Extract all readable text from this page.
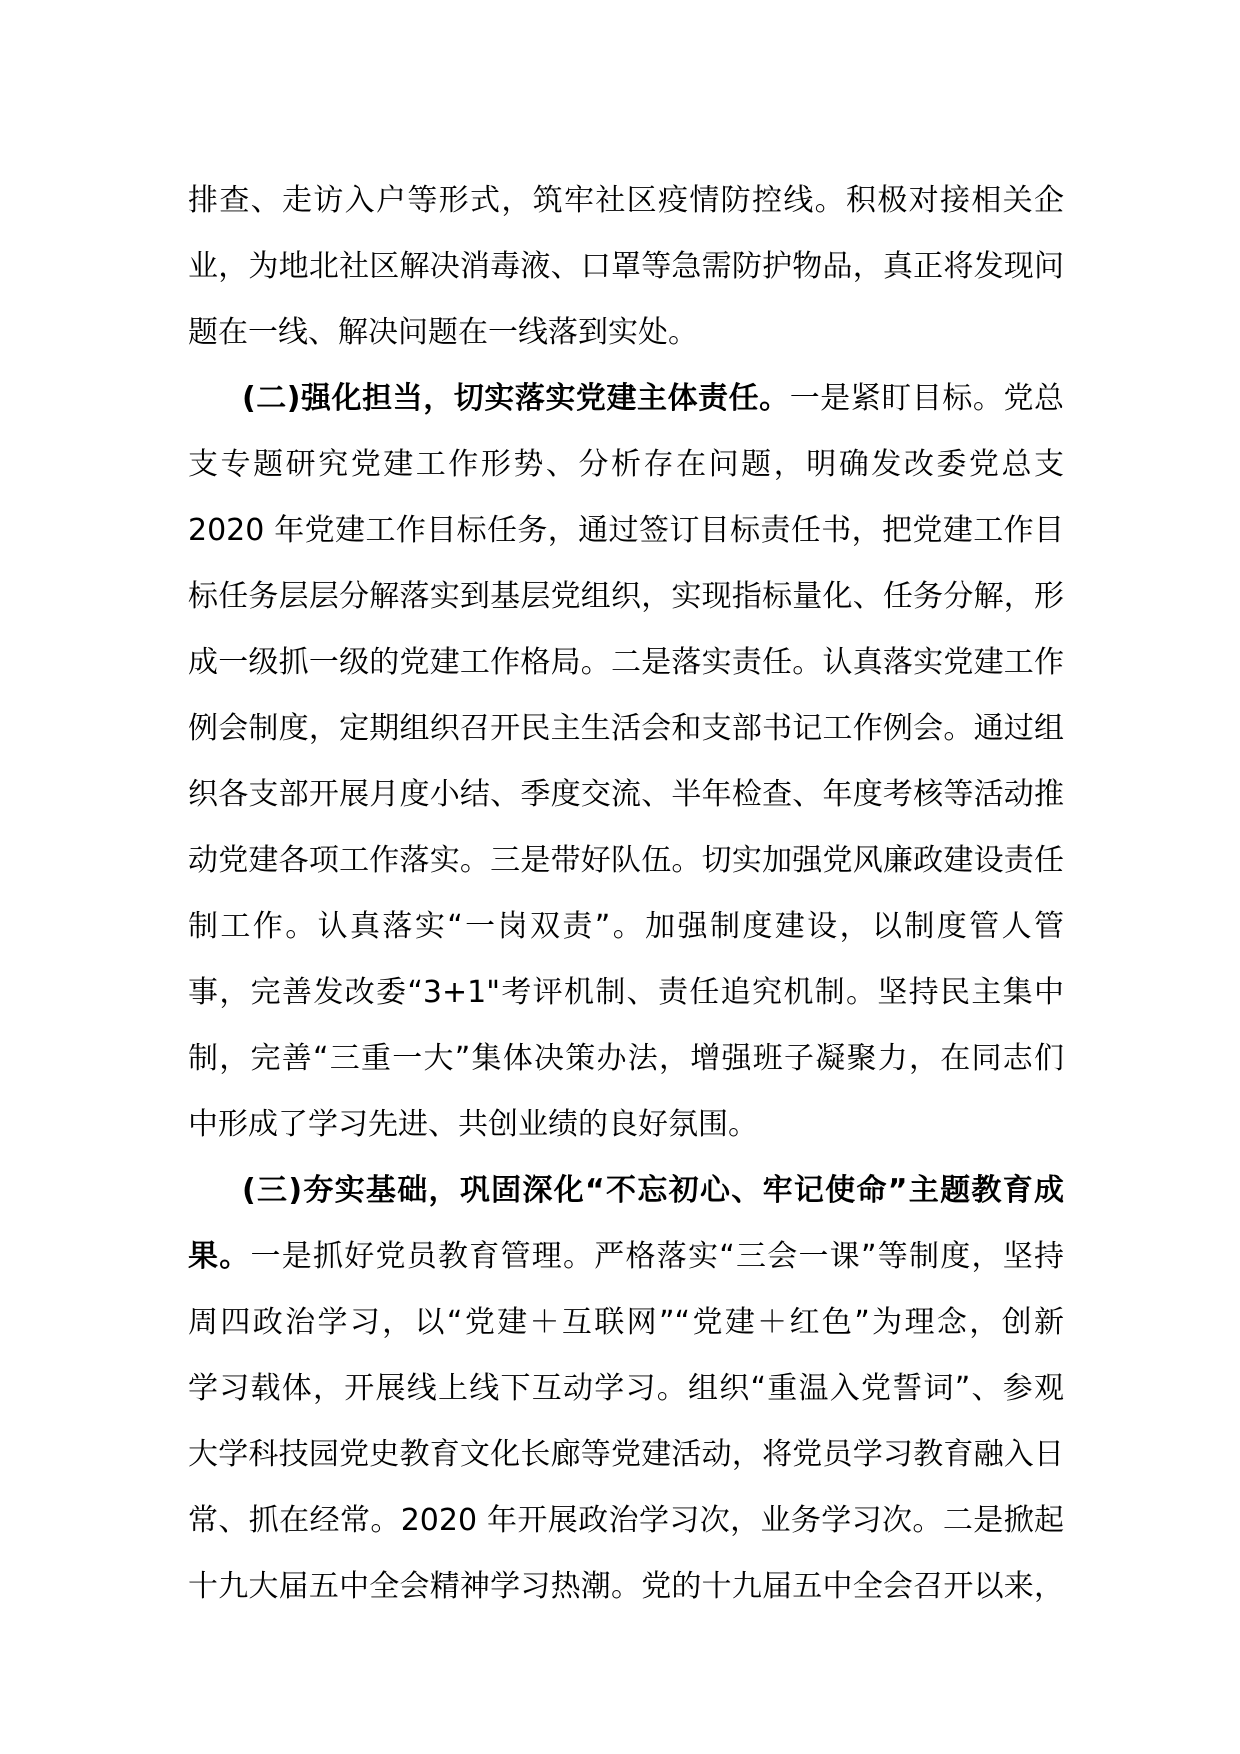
排查、走访入户等形式，筑牢社区疫情防控线。积极对接相关企
业，为地北社区解决消毒液、口罩等急需防护物品，真正将发现问
题在一线、解决问题在一线落到实处。
(二)强化担当，切实落实党建主体责任。一是紧盯目标。党总
支专题研究党建工作形势、分析存在问题，明确发改委党总支
2020 年党建工作目标任务，通过签订目标责任书，把党建工作目
标任务层层分解落实到基层党组织，实现指标量化、任务分解，形
成一级抓一级的党建工作格局。二是落实责任。认真落实党建工作
例会制度，定期组织召开民主生活会和支部书记工作例会。通过组
织各支部开展月度小结、季度交流、半年检查、年度考核等活动推
动党建各项工作落实。三是带好队伍。切实加强党风廉政建设责任
制工作。认真落实“一岗双责”。加强制度建设，以制度管人管
事，完善发改委“3+1"考评机制、责任追究机制。坚持民主集中
制，完善“三重一大”集体决策办法，增强班子凝聚力，在同志们
中形成了学习先进、共创业绩的良好氛围。
(三)夯实基础，巩固深化“不忘初心、牢记使命”主题教育成
果。一是抓好党员教育管理。严格落实“三会一课”等制度，坚持
周四政治学习，以“党建＋互联网”“党建＋红色”为理念，创新
学习载体，开展线上线下互动学习。组织“重温入党誓词”、参观
大学科技园党史教育文化长廊等党建活动，将党员学习教育融入日
常、抓在经常。2020 年开展政治学习次，业务学习次。二是掀起
十九大届五中全会精神学习热潮。党的十九届五中全会召开以来，
